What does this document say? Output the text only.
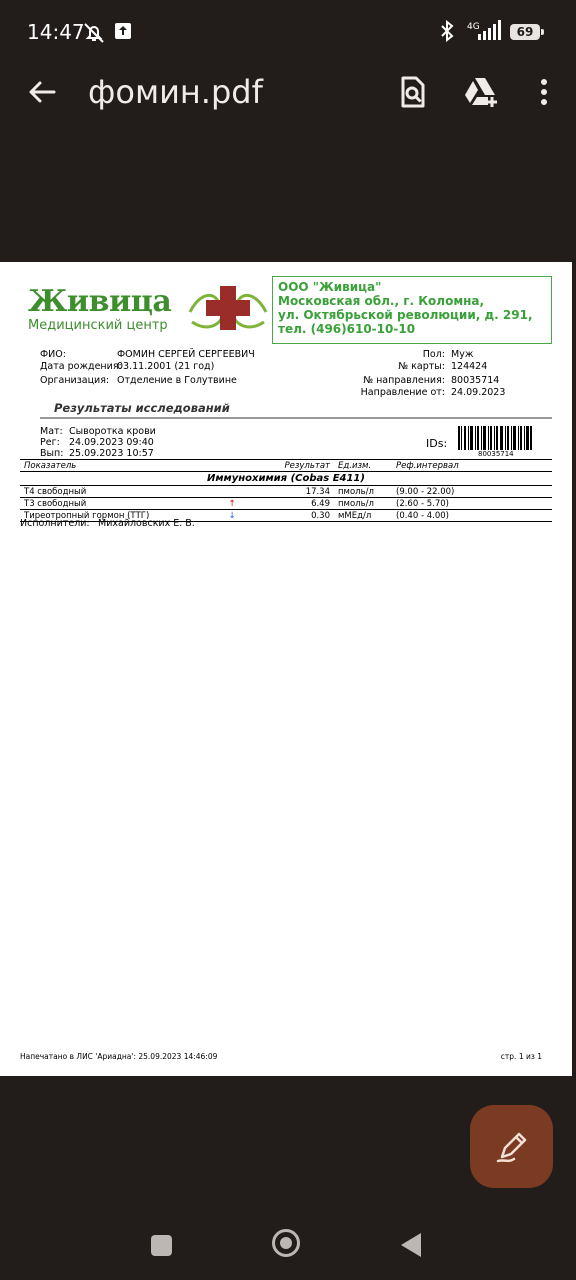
14:47	4G	69
фомин.pdf
Живица
Медицинский центр
ООО "Живица"
Московская обл., г. Коломна,
ул. Октябрьской революции, д. 291,
тел. (496)610-10-10
ФИО:	ФОМИН СЕРГЕЙ СЕРГЕЕВИЧ
Дата рождения:
03.11.2001 (21 год)
Организация: Отделение в Голутвине
Пол: Муж
№ карты: 124424
№ направления: 80035714
Направление от: 24.09.2023
Результаты исследований
Мат: Сыворотка крови
Рег: 24.09.2023 09:40
Вып: 25.09.2023 10:57
IDs:
80035714
Показатель		Результат	Ед.изм.	Реф.интервал
Иммунохимия (Cobas E411)				
Т4 свободный		17.34	пмоль/л	(9.00 - 22.00)
Т3 свободный	↑	6.49	пмоль/л	(2.60 - 5.70)
Тиреотропный гормон (ТТГ)	↓	0.30	мМЕд/л	(0.40 - 4.00)
Исполнители: Михайловских Е. В.
Напечатано в ЛИС 'Ариадна': 25.09.2023 14:46:09	стр. 1 из 1
